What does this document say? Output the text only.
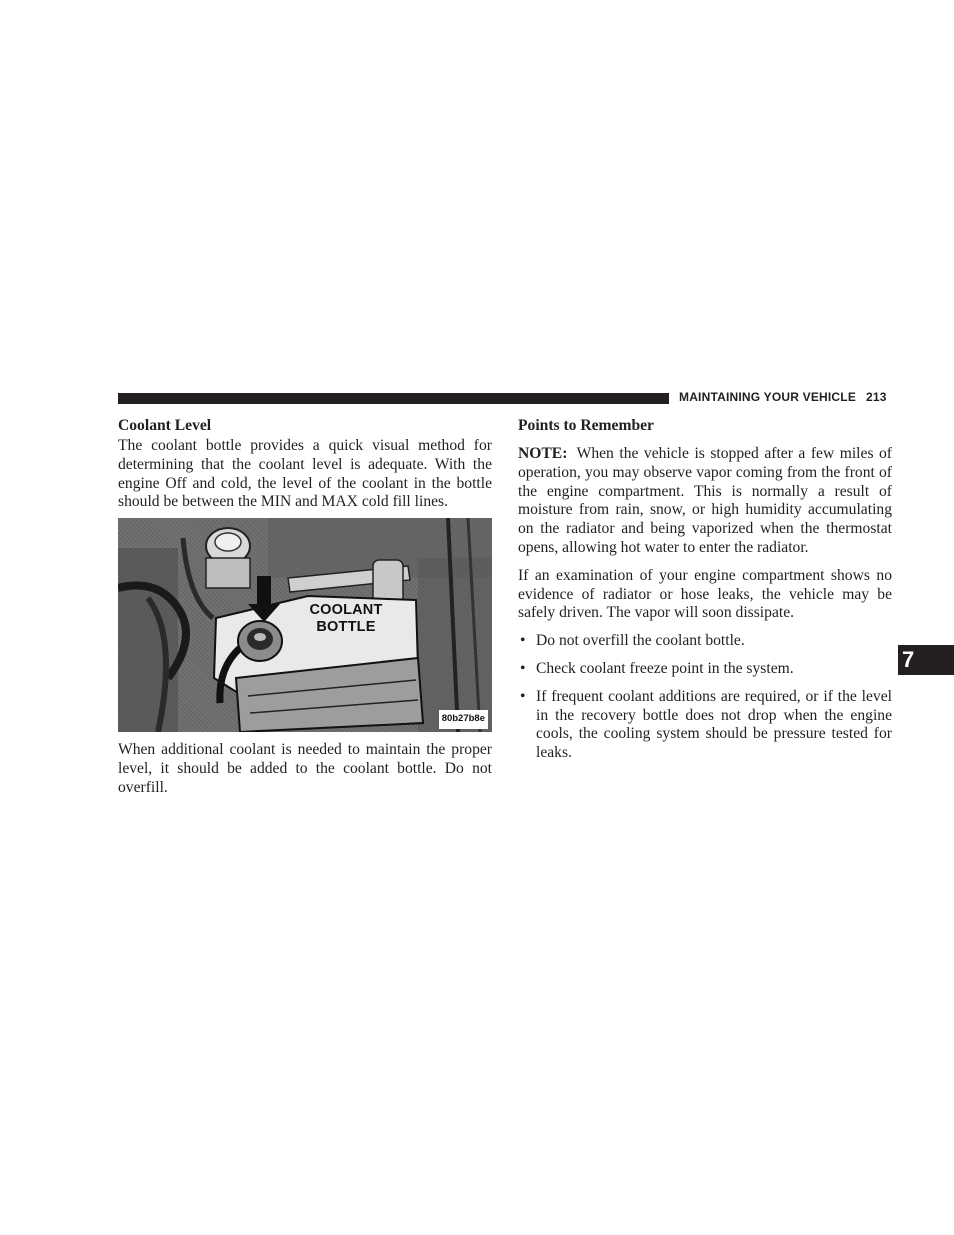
MAINTAINING YOUR VEHICLE 213
Coolant Level

The coolant bottle provides a quick visual method for determining that the coolant level is adequate. With the engine Off and cold, the level of the coolant in the bottle should be between the MIN and MAX cold fill lines.

COOLANT
BOTTLE
80b27b8e

When additional coolant is needed to maintain the proper level, it should be added to the coolant bottle. Do not overfill.

Points to Remember

NOTE: When the vehicle is stopped after a few miles of operation, you may observe vapor coming from the front of the engine compartment. This is normally a result of moisture from rain, snow, or high humidity accumulating on the radiator and being vaporized when the thermostat opens, allowing hot water to enter the radiator.

If an examination of your engine compartment shows no evidence of radiator or hose leaks, the vehicle may be safely driven. The vapor will soon dissipate.

• Do not overfill the coolant bottle.
• Check coolant freeze point in the system.
• If frequent coolant additions are required, or if the level in the recovery bottle does not drop when the engine cools, the cooling system should be pressure tested for leaks.
7
